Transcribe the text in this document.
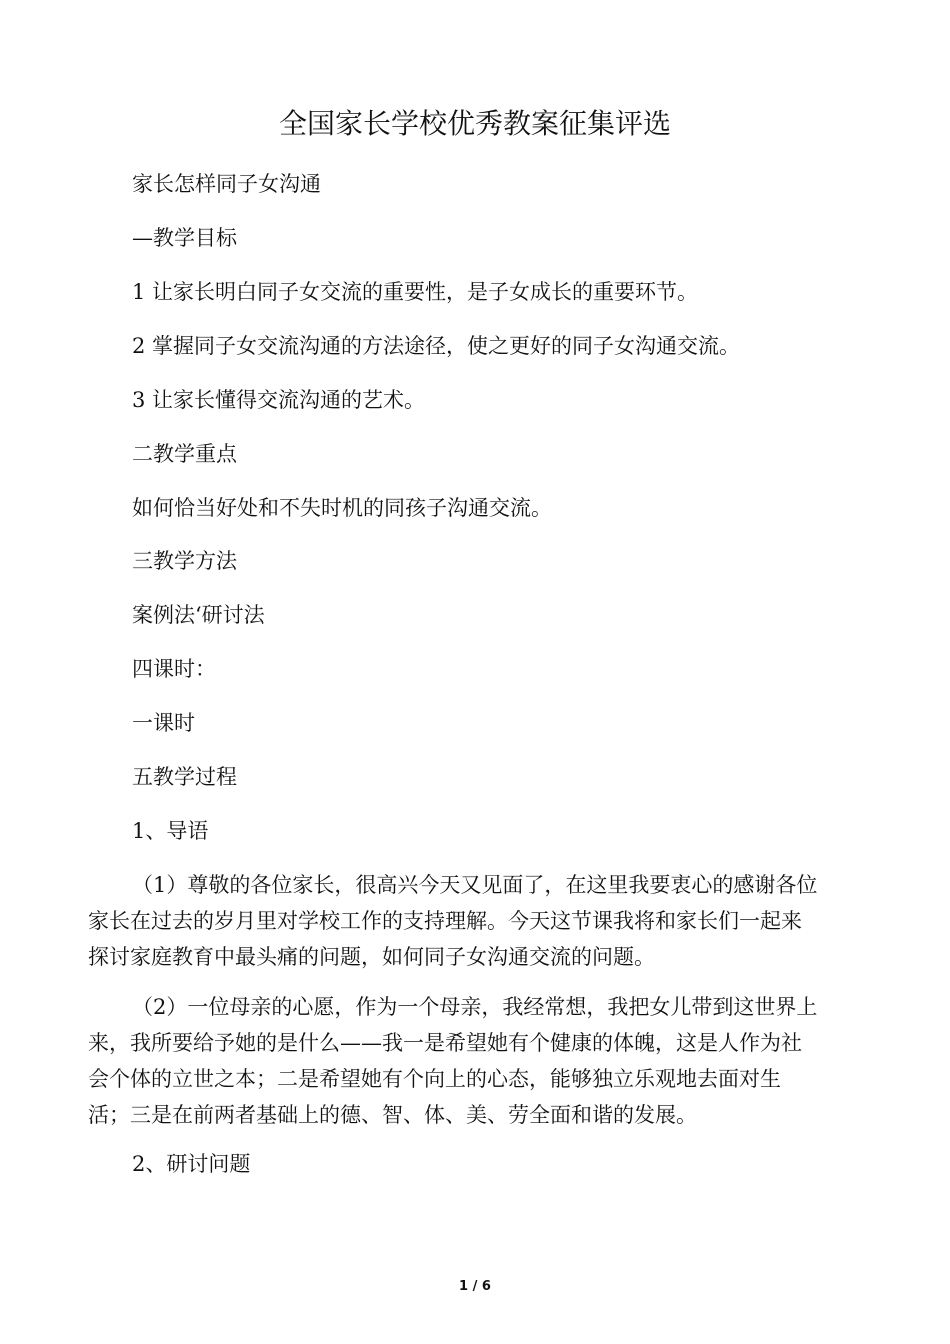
全国家长学校优秀教案征集评选
家长怎样同子女沟通
—教学目标
1 让家长明白同子女交流的重要性，是子女成长的重要环节。
2 掌握同子女交流沟通的方法途径，使之更好的同子女沟通交流。
3 让家长懂得交流沟通的艺术。
二教学重点
如何恰当好处和不失时机的同孩子沟通交流。
三教学方法
案例法‘研讨法
四课时：
一课时
五教学过程
1、导语
（1）尊敬的各位家长，很高兴今天又见面了，在这里我要衷心的感谢各位
家长在过去的岁月里对学校工作的支持理解。今天这节课我将和家长们一起来
探讨家庭教育中最头痛的问题，如何同子女沟通交流的问题。
（2）一位母亲的心愿，作为一个母亲，我经常想，我把女儿带到这世界上
来，我所要给予她的是什么——我一是希望她有个健康的体魄，这是人作为社
会个体的立世之本；二是希望她有个向上的心态，能够独立乐观地去面对生
活；三是在前两者基础上的德、智、体、美、劳全面和谐的发展。
2、研讨问题
1 / 6
